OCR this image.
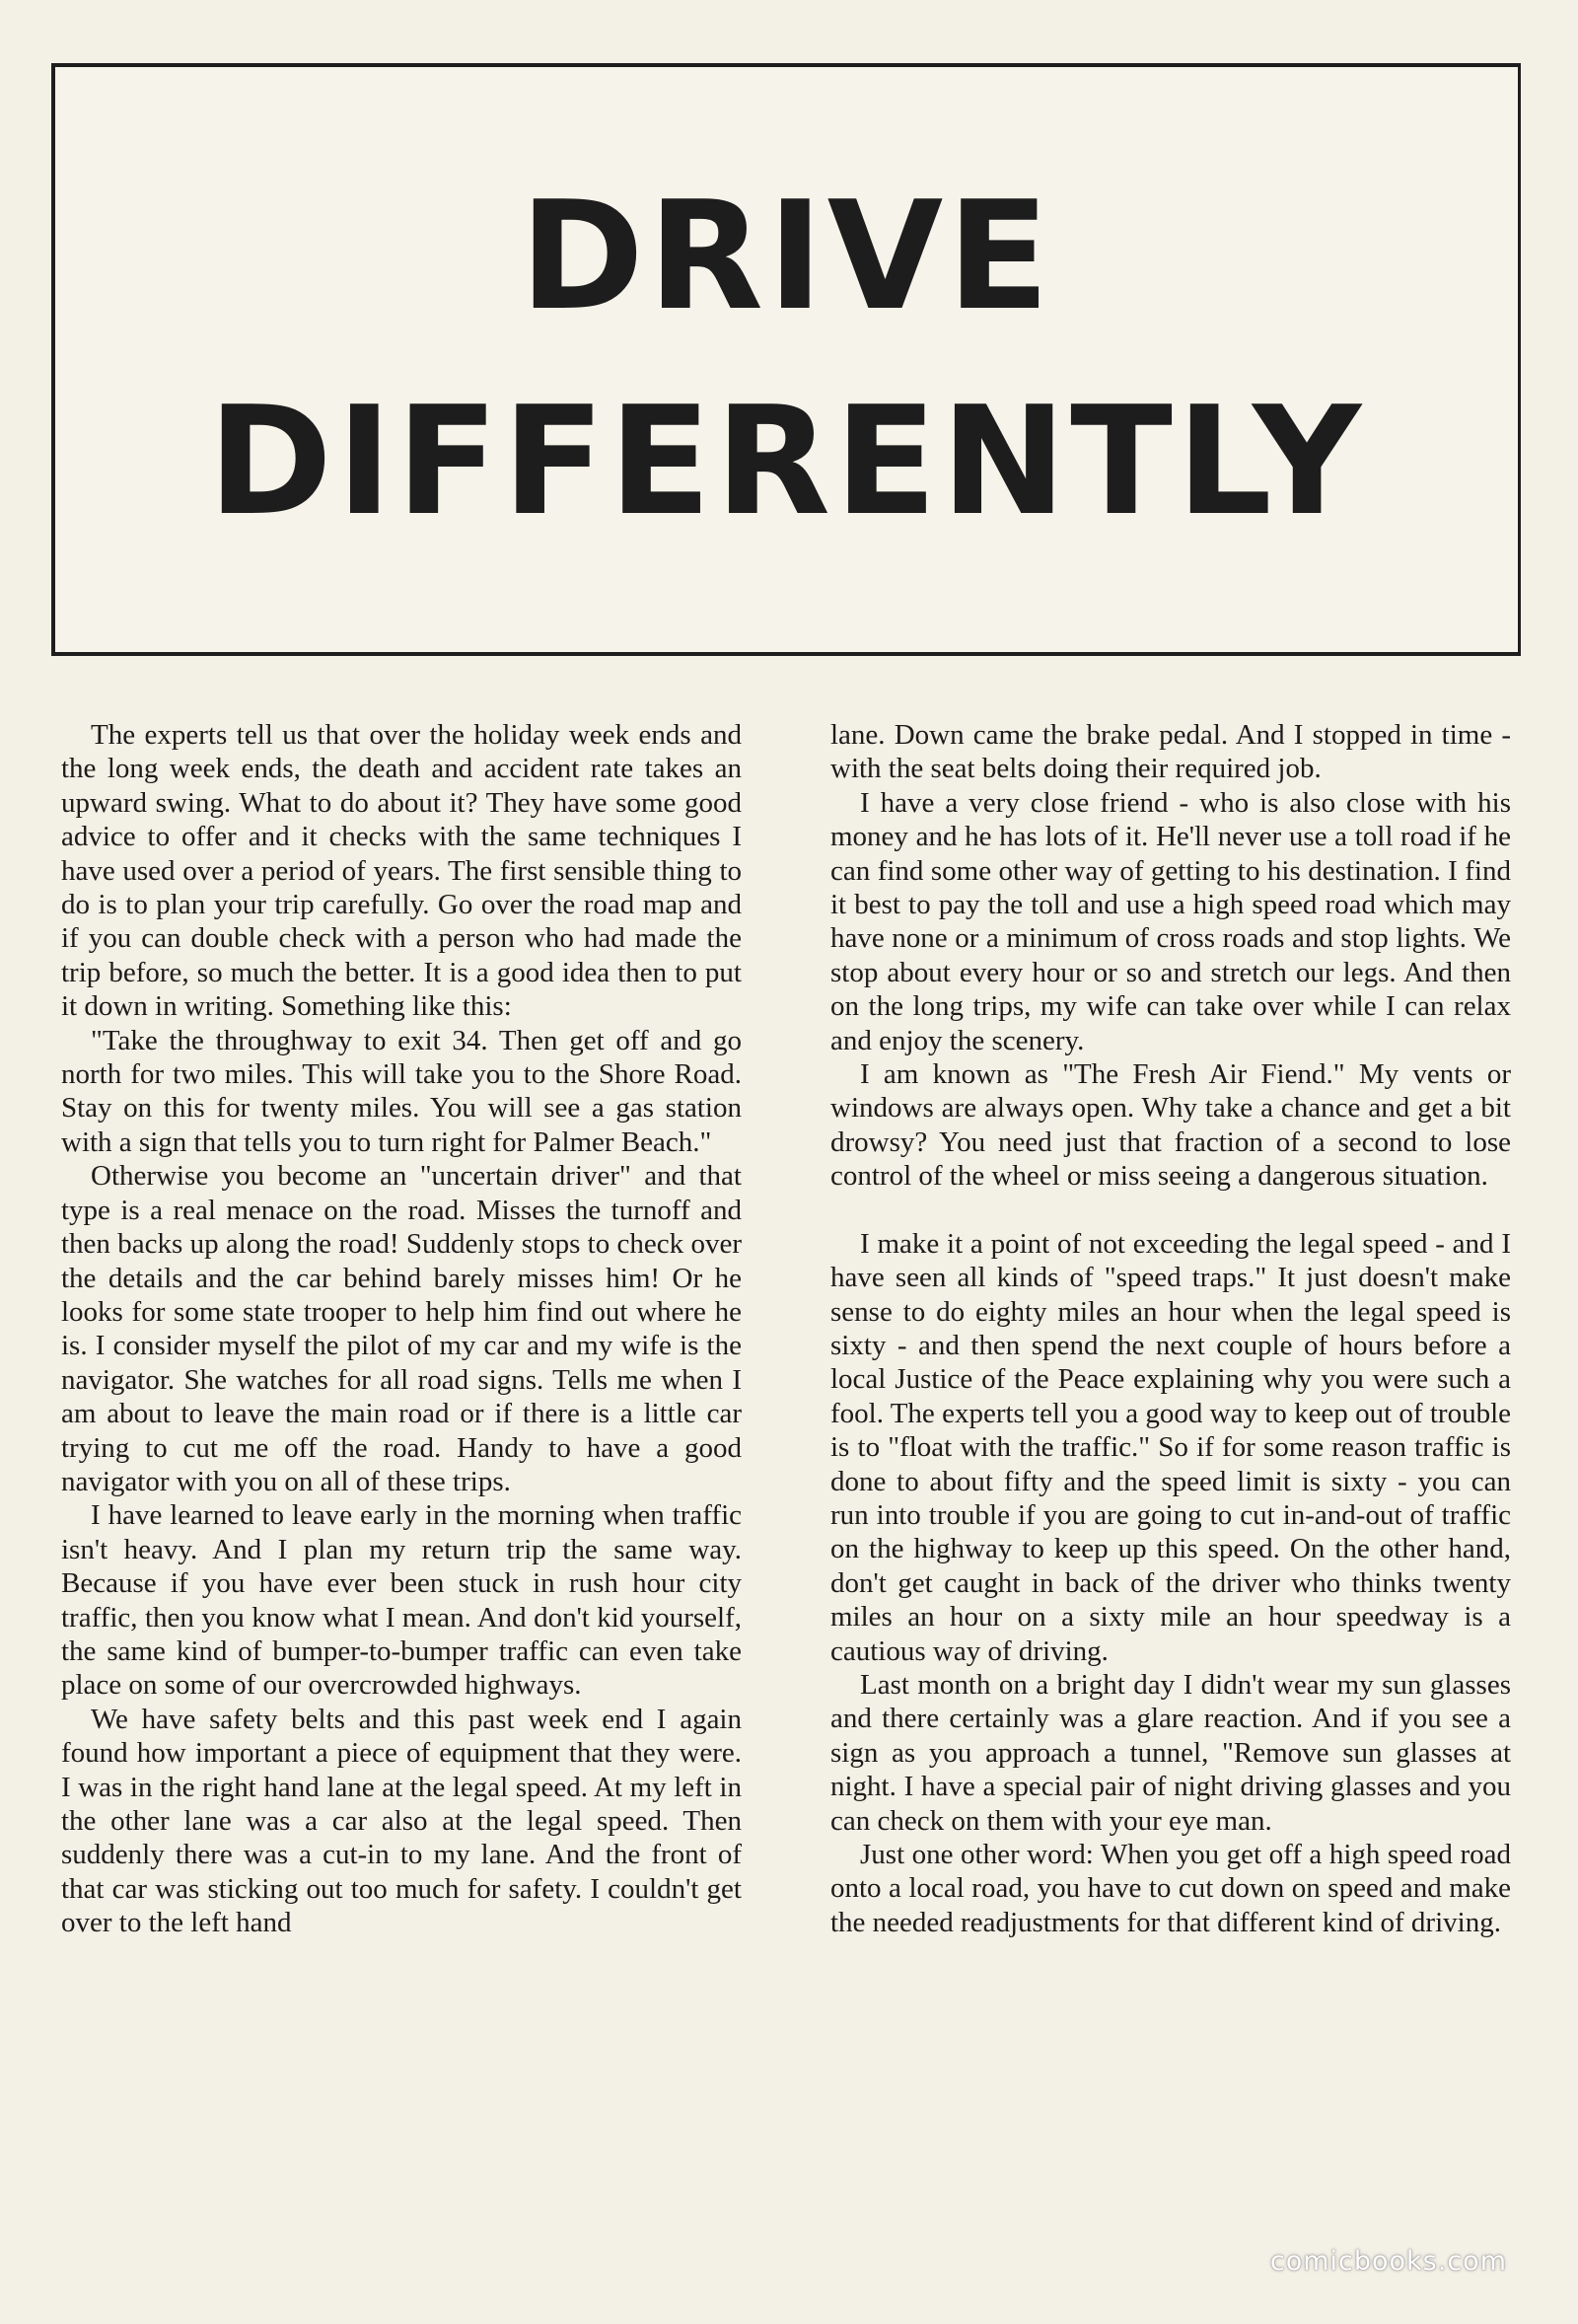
DRIVE
DIFFERENTLY

The experts tell us that over the holiday week ends and the long week ends, the death and accident rate takes an upward swing. What to do about it? They have some good advice to offer and it checks with the same techniques I have used over a period of years. The first sensible thing to do is to plan your trip carefully. Go over the road map and if you can double check with a person who had made the trip before, so much the better. It is a good idea then to put it down in writing. Something like this:

"Take the throughway to exit 34. Then get off and go north for two miles. This will take you to the Shore Road. Stay on this for twenty miles. You will see a gas station with a sign that tells you to turn right for Palmer Beach."

Otherwise you become an "uncertain driver" and that type is a real menace on the road. Misses the turnoff and then backs up along the road! Suddenly stops to check over the details and the car behind barely misses him! Or he looks for some state trooper to help him find out where he is. I consider myself the pilot of my car and my wife is the navigator. She watches for all road signs. Tells me when I am about to leave the main road or if there is a little car trying to cut me off the road. Handy to have a good navigator with you on all of these trips.

I have learned to leave early in the morning when traffic isn't heavy. And I plan my return trip the same way. Because if you have ever been stuck in rush hour city traffic, then you know what I mean. And don't kid yourself, the same kind of bumper-to-bumper traffic can even take place on some of our overcrowded highways.

We have safety belts and this past week end I again found how important a piece of equipment that they were. I was in the right hand lane at the legal speed. At my left in the other lane was a car also at the legal speed. Then suddenly there was a cut-in to my lane. And the front of that car was sticking out too much for safety. I couldn't get over to the left hand

lane. Down came the brake pedal. And I stopped in time - with the seat belts doing their required job.

I have a very close friend - who is also close with his money and he has lots of it. He'll never use a toll road if he can find some other way of getting to his destination. I find it best to pay the toll and use a high speed road which may have none or a minimum of cross roads and stop lights. We stop about every hour or so and stretch our legs. And then on the long trips, my wife can take over while I can relax and enjoy the scenery.

I am known as "The Fresh Air Fiend." My vents or windows are always open. Why take a chance and get a bit drowsy? You need just that fraction of a second to lose control of the wheel or miss seeing a dangerous situation.

I make it a point of not exceeding the legal speed - and I have seen all kinds of "speed traps." It just doesn't make sense to do eighty miles an hour when the legal speed is sixty - and then spend the next couple of hours before a local Justice of the Peace explaining why you were such a fool. The experts tell you a good way to keep out of trouble is to "float with the traffic." So if for some reason traffic is done to about fifty and the speed limit is sixty - you can run into trouble if you are going to cut in-and-out of traffic on the highway to keep up this speed. On the other hand, don't get caught in back of the driver who thinks twenty miles an hour on a sixty mile an hour speedway is a cautious way of driving.

Last month on a bright day I didn't wear my sun glasses and there certainly was a glare reaction. And if you see a sign as you approach a tunnel, "Remove sun glasses at night. I have a special pair of night driving glasses and you can check on them with your eye man.

Just one other word: When you get off a high speed road onto a local road, you have to cut down on speed and make the needed readjustments for that different kind of driving.

comicbooks.com
